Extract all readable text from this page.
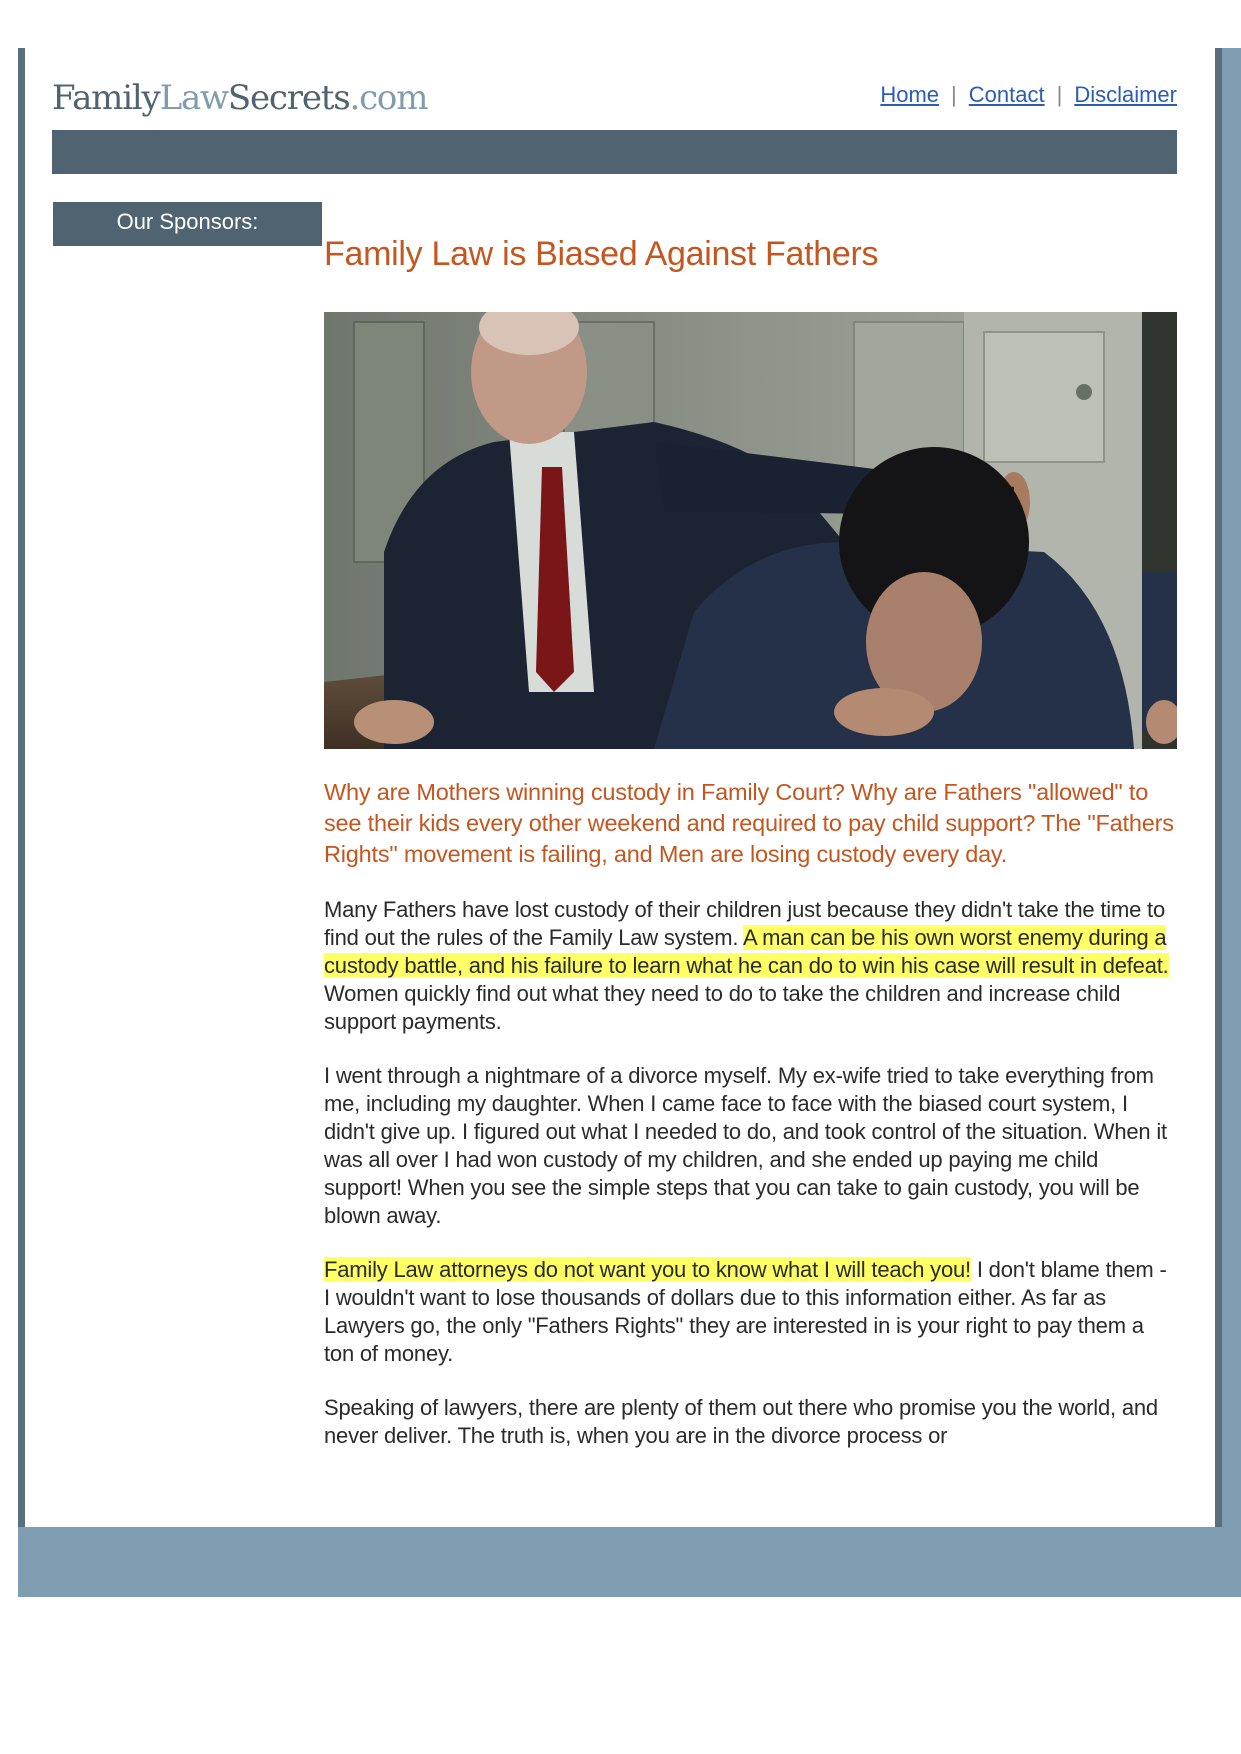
FamilyLawSecrets.com	Home | Contact | Disclaimer
Our Sponsors:
Family Law is Biased Against Fathers

Why are Mothers winning custody in Family Court? Why are Fathers "allowed" to see their kids every other weekend and required to pay child support? The "Fathers Rights" movement is failing, and Men are losing custody every day.

Many Fathers have lost custody of their children just because they didn't take the time to find out the rules of the Family Law system. A man can be his own worst enemy during a custody battle, and his failure to learn what he can do to win his case will result in defeat. Women quickly find out what they need to do to take the children and increase child support payments.

I went through a nightmare of a divorce myself. My ex-wife tried to take everything from me, including my daughter. When I came face to face with the biased court system, I didn't give up. I figured out what I needed to do, and took control of the situation. When it was all over I had won custody of my children, and she ended up paying me child support! When you see the simple steps that you can take to gain custody, you will be blown away.

Family Law attorneys do not want you to know what I will teach you! I don't blame them - I wouldn't want to lose thousands of dollars due to this information either. As far as Lawyers go, the only "Fathers Rights" they are interested in is your right to pay them a ton of money.

Speaking of lawyers, there are plenty of them out there who promise you the world, and never deliver. The truth is, when you are in the divorce process or
